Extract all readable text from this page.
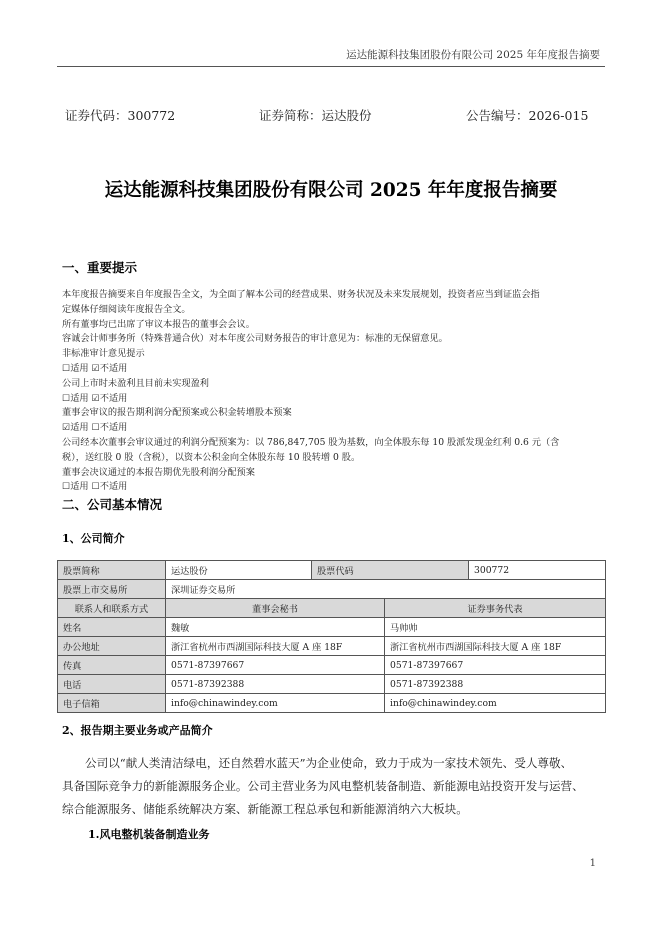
运达能源科技集团股份有限公司 2025 年年度报告摘要
证券代码：300772	证券简称：运达股份	公告编号：2026-015
运达能源科技集团股份有限公司 2025 年年度报告摘要
一、重要提示
本年度报告摘要来自年度报告全文，为全面了解本公司的经营成果、财务状况及未来发展规划，投资者应当到证监会指
定媒体仔细阅读年度报告全文。
所有董事均已出席了审议本报告的董事会会议。
容诚会计师事务所（特殊普通合伙）对本年度公司财务报告的审计意见为：标准的无保留意见。
非标准审计意见提示
☐适用 ☑不适用
公司上市时未盈利且目前未实现盈利
☐适用 ☑不适用
董事会审议的报告期利润分配预案或公积金转增股本预案
☑适用 ☐不适用
公司经本次董事会审议通过的利润分配预案为：以 786,847,705 股为基数，向全体股东每 10 股派发现金红利 0.6 元（含
税），送红股 0 股（含税），以资本公积金向全体股东每 10 股转增 0 股。
董事会决议通过的本报告期优先股利润分配预案
☐适用 ☐不适用
二、公司基本情况
1、公司简介
股票简称	运达股份	股票代码		300772
股票上市交易所	深圳证券交易所			
联系人和联系方式	董事会秘书		证券事务代表	
姓名	魏敏		马帅帅	
办公地址	浙江省杭州市西湖国际科技大厦 A 座 18F		浙江省杭州市西湖国际科技大厦 A 座 18F	
传真	0571-87397667		0571-87397667	
电话	0571-87392388		0571-87392388	
电子信箱	info@chinawindey.com		info@chinawindey.com	
2、报告期主要业务或产品简介
公司以“献人类清洁绿电，还自然碧水蓝天”为企业使命，致力于成为一家技术领先、受人尊敬、
具备国际竞争力的新能源服务企业。公司主营业务为风电整机装备制造、新能源电站投资开发与运营、
综合能源服务、储能系统解决方案、新能源工程总承包和新能源消纳六大板块。
1.风电整机装备制造业务
1
